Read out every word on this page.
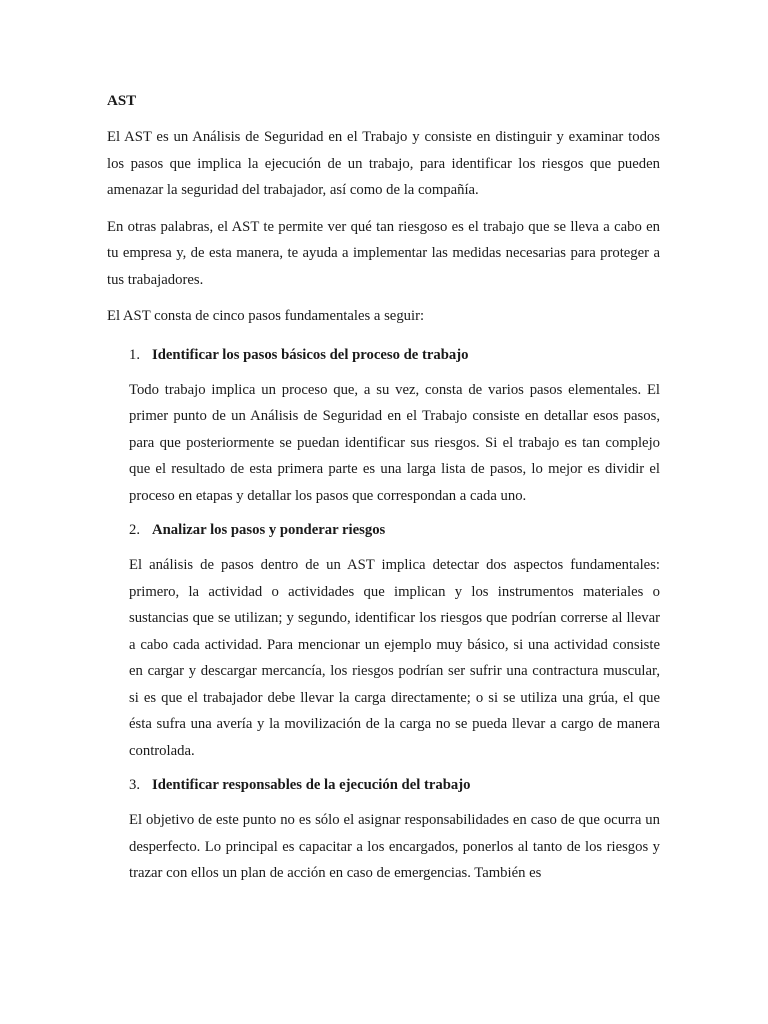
AST

El AST es un Análisis de Seguridad en el Trabajo y consiste en distinguir y examinar todos los pasos que implica la ejecución de un trabajo, para identificar los riesgos que pueden amenazar la seguridad del trabajador, así como de la compañía.

En otras palabras, el AST te permite ver qué tan riesgoso es el trabajo que se lleva a cabo en tu empresa y, de esta manera, te ayuda a implementar las medidas necesarias para proteger a tus trabajadores.

El AST consta de cinco pasos fundamentales a seguir:

1. Identificar los pasos básicos del proceso de trabajo

Todo trabajo implica un proceso que, a su vez, consta de varios pasos elementales. El primer punto de un Análisis de Seguridad en el Trabajo consiste en detallar esos pasos, para que posteriormente se puedan identificar sus riesgos. Si el trabajo es tan complejo que el resultado de esta primera parte es una larga lista de pasos, lo mejor es dividir el proceso en etapas y detallar los pasos que correspondan a cada uno.

2. Analizar los pasos y ponderar riesgos

El análisis de pasos dentro de un AST implica detectar dos aspectos fundamentales: primero, la actividad o actividades que implican y los instrumentos materiales o sustancias que se utilizan; y segundo, identificar los riesgos que podrían correrse al llevar a cabo cada actividad. Para mencionar un ejemplo muy básico, si una actividad consiste en cargar y descargar mercancía, los riesgos podrían ser sufrir una contractura muscular, si es que el trabajador debe llevar la carga directamente; o si se utiliza una grúa, el que ésta sufra una avería y la movilización de la carga no se pueda llevar a cargo de manera controlada.

3. Identificar responsables de la ejecución del trabajo

El objetivo de este punto no es sólo el asignar responsabilidades en caso de que ocurra un desperfecto. Lo principal es capacitar a los encargados, ponerlos al tanto de los riesgos y trazar con ellos un plan de acción en caso de emergencias. También es
